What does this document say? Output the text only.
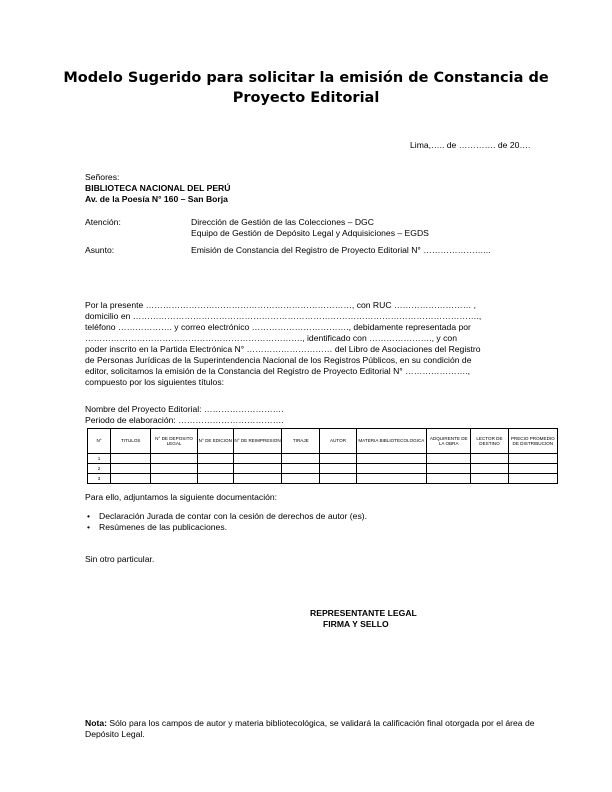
Modelo Sugerido para solicitar la emisión de Constancia de Proyecto Editorial
Lima,….. de …………. de 20….
Señores:
BIBLIOTECA NACIONAL DEL PERÚ
Av. de la Poesía N° 160 – San Borja
Atención:	Dirección de Gestión de las Colecciones – DGC
Equipo de Gestión de Depósito Legal y Adquisiciones – EGDS
Asunto:	Emisión de Constancia del Registro de Proyecto Editorial N° …………………...
Por la presente ………………………………………………………………, con RUC ……………………… ,
domicilio en ………………………………………………………………………………………………………….,
teléfono ………………. y correo electrónico ……………………………., debidamente representada por
…………………………………………………………………., identificado con …………………., y con
poder inscrito en la Partida Electrónica N° ………………………… del Libro de Asociaciones del Registro
de Personas Jurídicas de la Superintendencia Nacional de los Registros Públicos, en su condición de
editor, solicitamos la emisión de la Constancia del Registro de Proyecto Editorial N° ………………….,
compuesto por los siguientes títulos:
Nombre del Proyecto Editorial: ……………………….
Periodo de elaboración: ……………………………….
N°	TITULOS	N° DE DEPOSITO LEGAL	N° DE EDICION	N° DE REIMPRESION	TIRAJE	AUTOR	MATERIA BIBLIOTECOLOGICA	ADQUIRENTE DE LA OBRA	LECTOR DE DESTINO	PRECIO PROMEDIO DE DISTRIBUCION
1										
2										
3										
Para ello, adjuntamos la siguiente documentación:
• Declaración Jurada de contar con la cesión de derechos de autor (es).
• Resúmenes de las publicaciones.
Sin otro particular.
REPRESENTANTE LEGAL
FIRMA Y SELLO
Nota: Sólo para los campos de autor y materia bibliotecológica, se validará la calificación final otorgada por el área de Depósito Legal.
